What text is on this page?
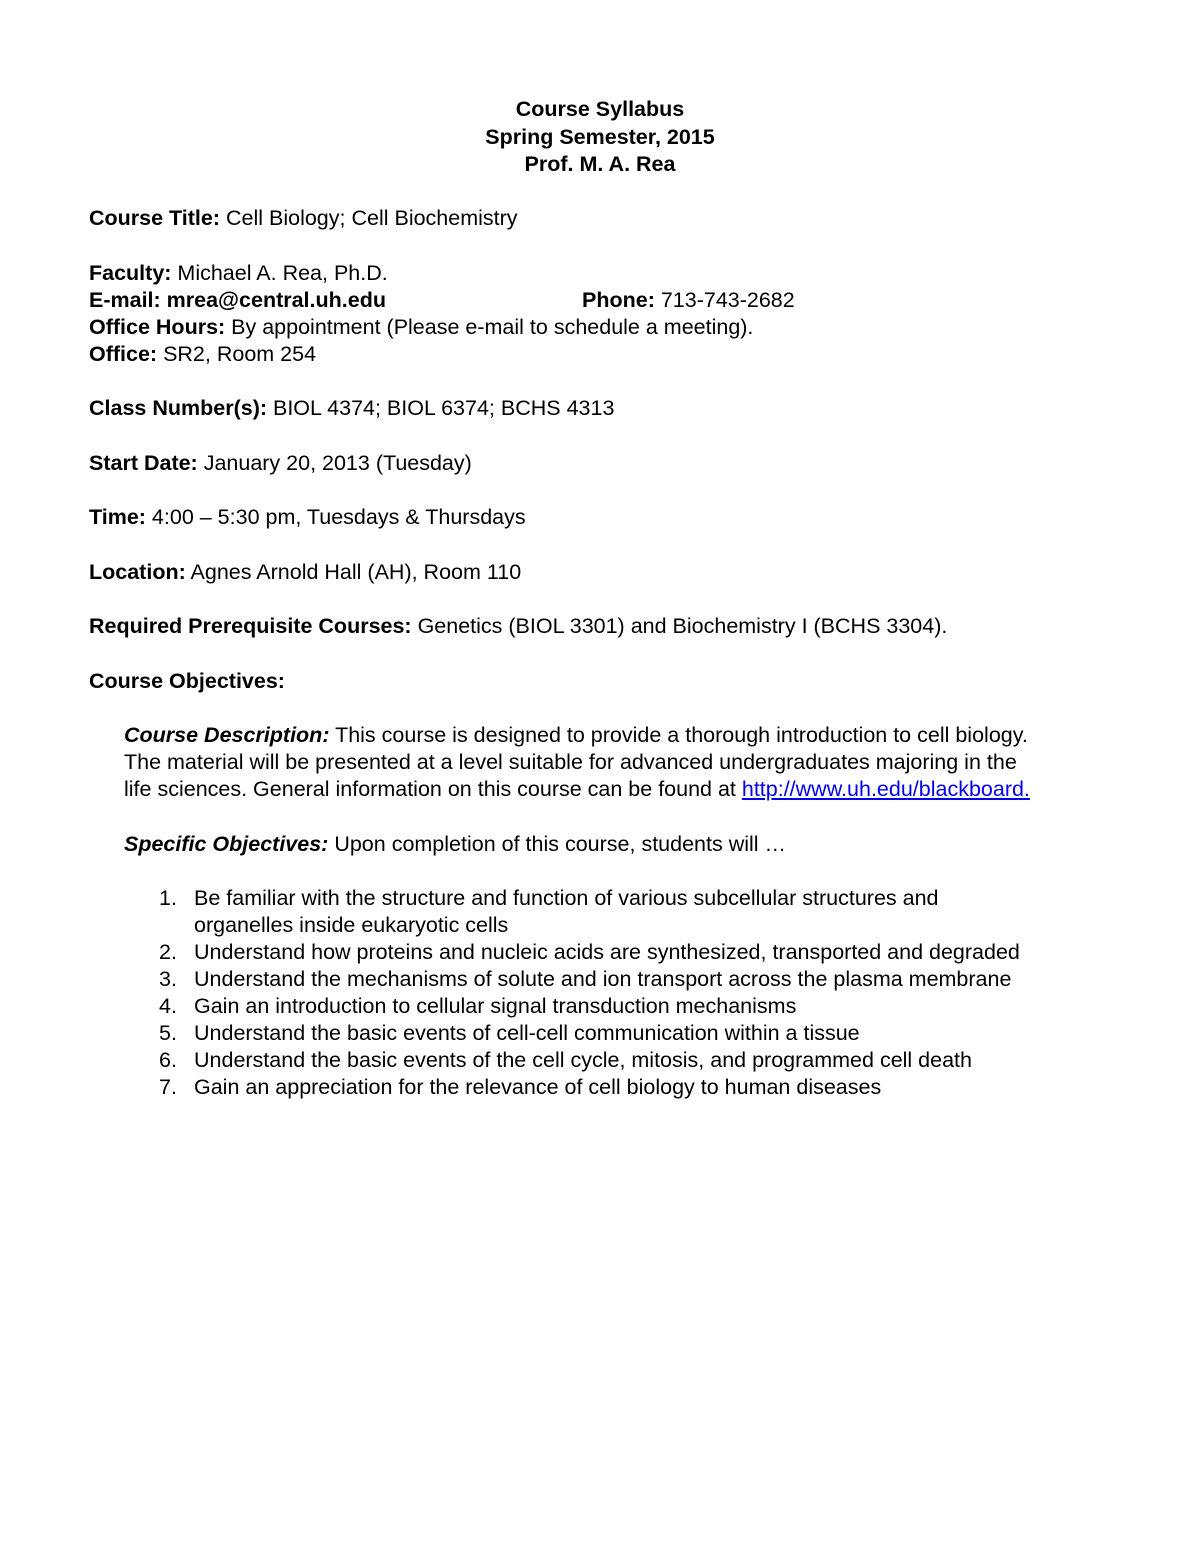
Course Syllabus
Spring Semester, 2015
Prof. M. A. Rea
Course Title: Cell Biology; Cell Biochemistry
Faculty: Michael A. Rea, Ph.D.
E-mail: mrea@central.uh.edu	Phone: 713-743-2682
Office Hours: By appointment (Please e-mail to schedule a meeting).
Office: SR2, Room 254
Class Number(s): BIOL 4374; BIOL 6374; BCHS 4313
Start Date: January 20, 2013 (Tuesday)
Time: 4:00 – 5:30 pm, Tuesdays & Thursdays
Location: Agnes Arnold Hall (AH), Room 110
Required Prerequisite Courses: Genetics (BIOL 3301) and Biochemistry I (BCHS 3304).
Course Objectives:
Course Description: This course is designed to provide a thorough introduction to cell biology.
The material will be presented at a level suitable for advanced undergraduates majoring in the
life sciences. General information on this course can be found at http://www.uh.edu/blackboard.
Specific Objectives: Upon completion of this course, students will …
1. Be familiar with the structure and function of various subcellular structures and
organelles inside eukaryotic cells
2. Understand how proteins and nucleic acids are synthesized, transported and degraded
3. Understand the mechanisms of solute and ion transport across the plasma membrane
4. Gain an introduction to cellular signal transduction mechanisms
5. Understand the basic events of cell-cell communication within a tissue
6. Understand the basic events of the cell cycle, mitosis, and programmed cell death
7. Gain an appreciation for the relevance of cell biology to human diseases
